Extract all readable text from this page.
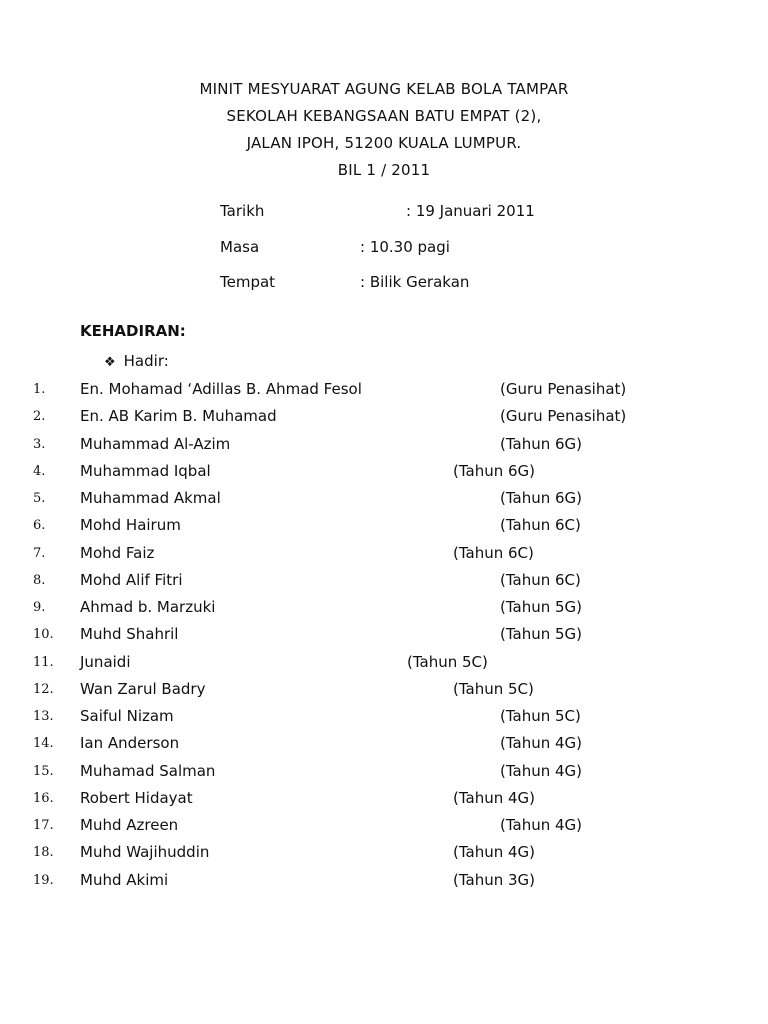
MINIT MESYUARAT AGUNG KELAB BOLA TAMPAR
SEKOLAH KEBANGSAAN BATU EMPAT (2),
JALAN IPOH, 51200 KUALA LUMPUR.
BIL 1 / 2011
Tarikh	: 19 Januari 2011
Masa	: 10.30 pagi
Tempat	: Bilik Gerakan
KEHADIRAN:
❖ Hadir:
1. En. Mohamad ‘Adillas B. Ahmad Fesol	(Guru Penasihat)
2. En. AB Karim B. Muhamad	(Guru Penasihat)
3. Muhammad Al-Azim	(Tahun 6G)
4. Muhammad Iqbal	(Tahun 6G)
5. Muhammad Akmal	(Tahun 6G)
6. Mohd Hairum	(Tahun 6C)
7. Mohd Faiz	(Tahun 6C)
8. Mohd Alif Fitri	(Tahun 6C)
9. Ahmad b. Marzuki	(Tahun 5G)
10. Muhd Shahril	(Tahun 5G)
11. Junaidi	(Tahun 5C)
12. Wan Zarul Badry	(Tahun 5C)
13. Saiful Nizam	(Tahun 5C)
14. Ian Anderson	(Tahun 4G)
15. Muhamad Salman	(Tahun 4G)
16. Robert Hidayat	(Tahun 4G)
17. Muhd Azreen	(Tahun 4G)
18. Muhd Wajihuddin	(Tahun 4G)
19. Muhd Akimi	(Tahun 3G)
